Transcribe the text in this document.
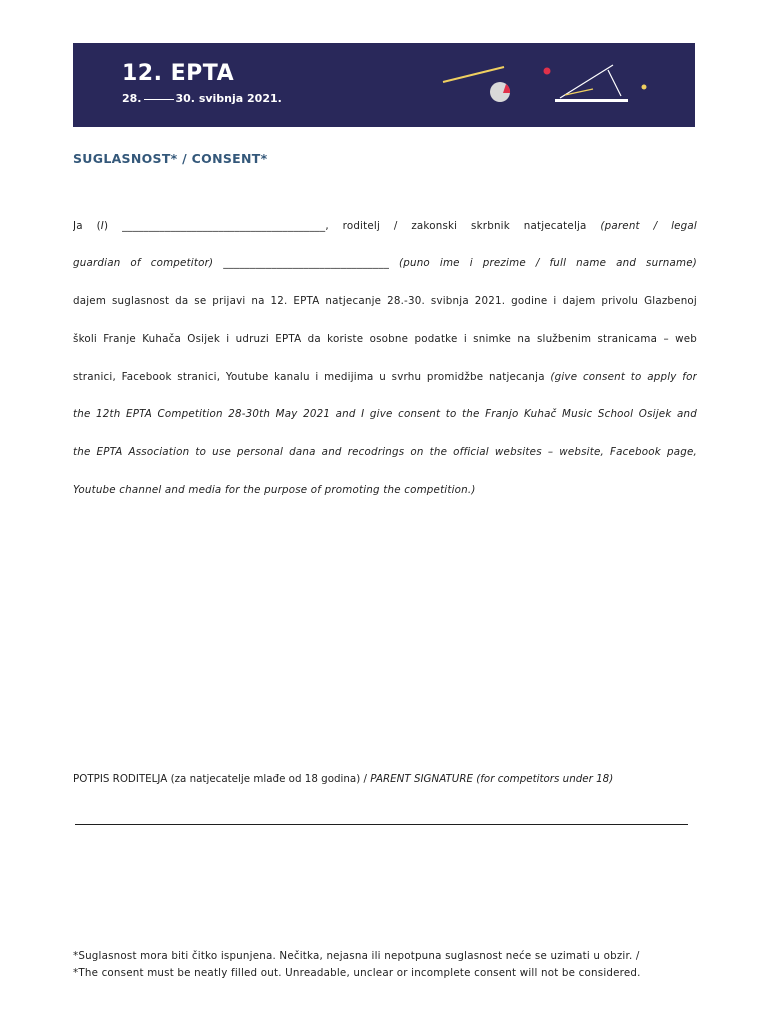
12. EPTA
28.	30. svibnja 2021.
SUGLASNOST* / CONSENT*
Ja (I) ______________________________________, roditelj / zakonski skrbnik natjecatelja (parent / legal
guardian of competitor) _______________________________ (puno ime i prezime / full name and surname)
dajem suglasnost da se prijavi na 12. EPTA natjecanje 28.-30. svibnja 2021. godine i dajem privolu Glazbenoj
školi Franje Kuhača Osijek i udruzi EPTA da koriste osobne podatke i snimke na službenim stranicama – web
stranici, Facebook stranici, Youtube kanalu i medijima u svrhu promidžbe natjecanja (give consent to apply for
the 12th EPTA Competition 28-30th May 2021 and I give consent to the Franjo Kuhač Music School Osijek and
the EPTA Association to use personal dana and recodrings on the official websites – website, Facebook page,
Youtube channel and media for the purpose of promoting the competition.)
POTPIS RODITELJA (za natjecatelje mlađe od 18 godina) / PARENT SIGNATURE (for competitors under 18)
*Suglasnost mora biti čitko ispunjena. Nečitka, nejasna ili nepotpuna suglasnost neće se uzimati u obzir. /
*The consent must be neatly filled out. Unreadable, unclear or incomplete consent will not be considered.
